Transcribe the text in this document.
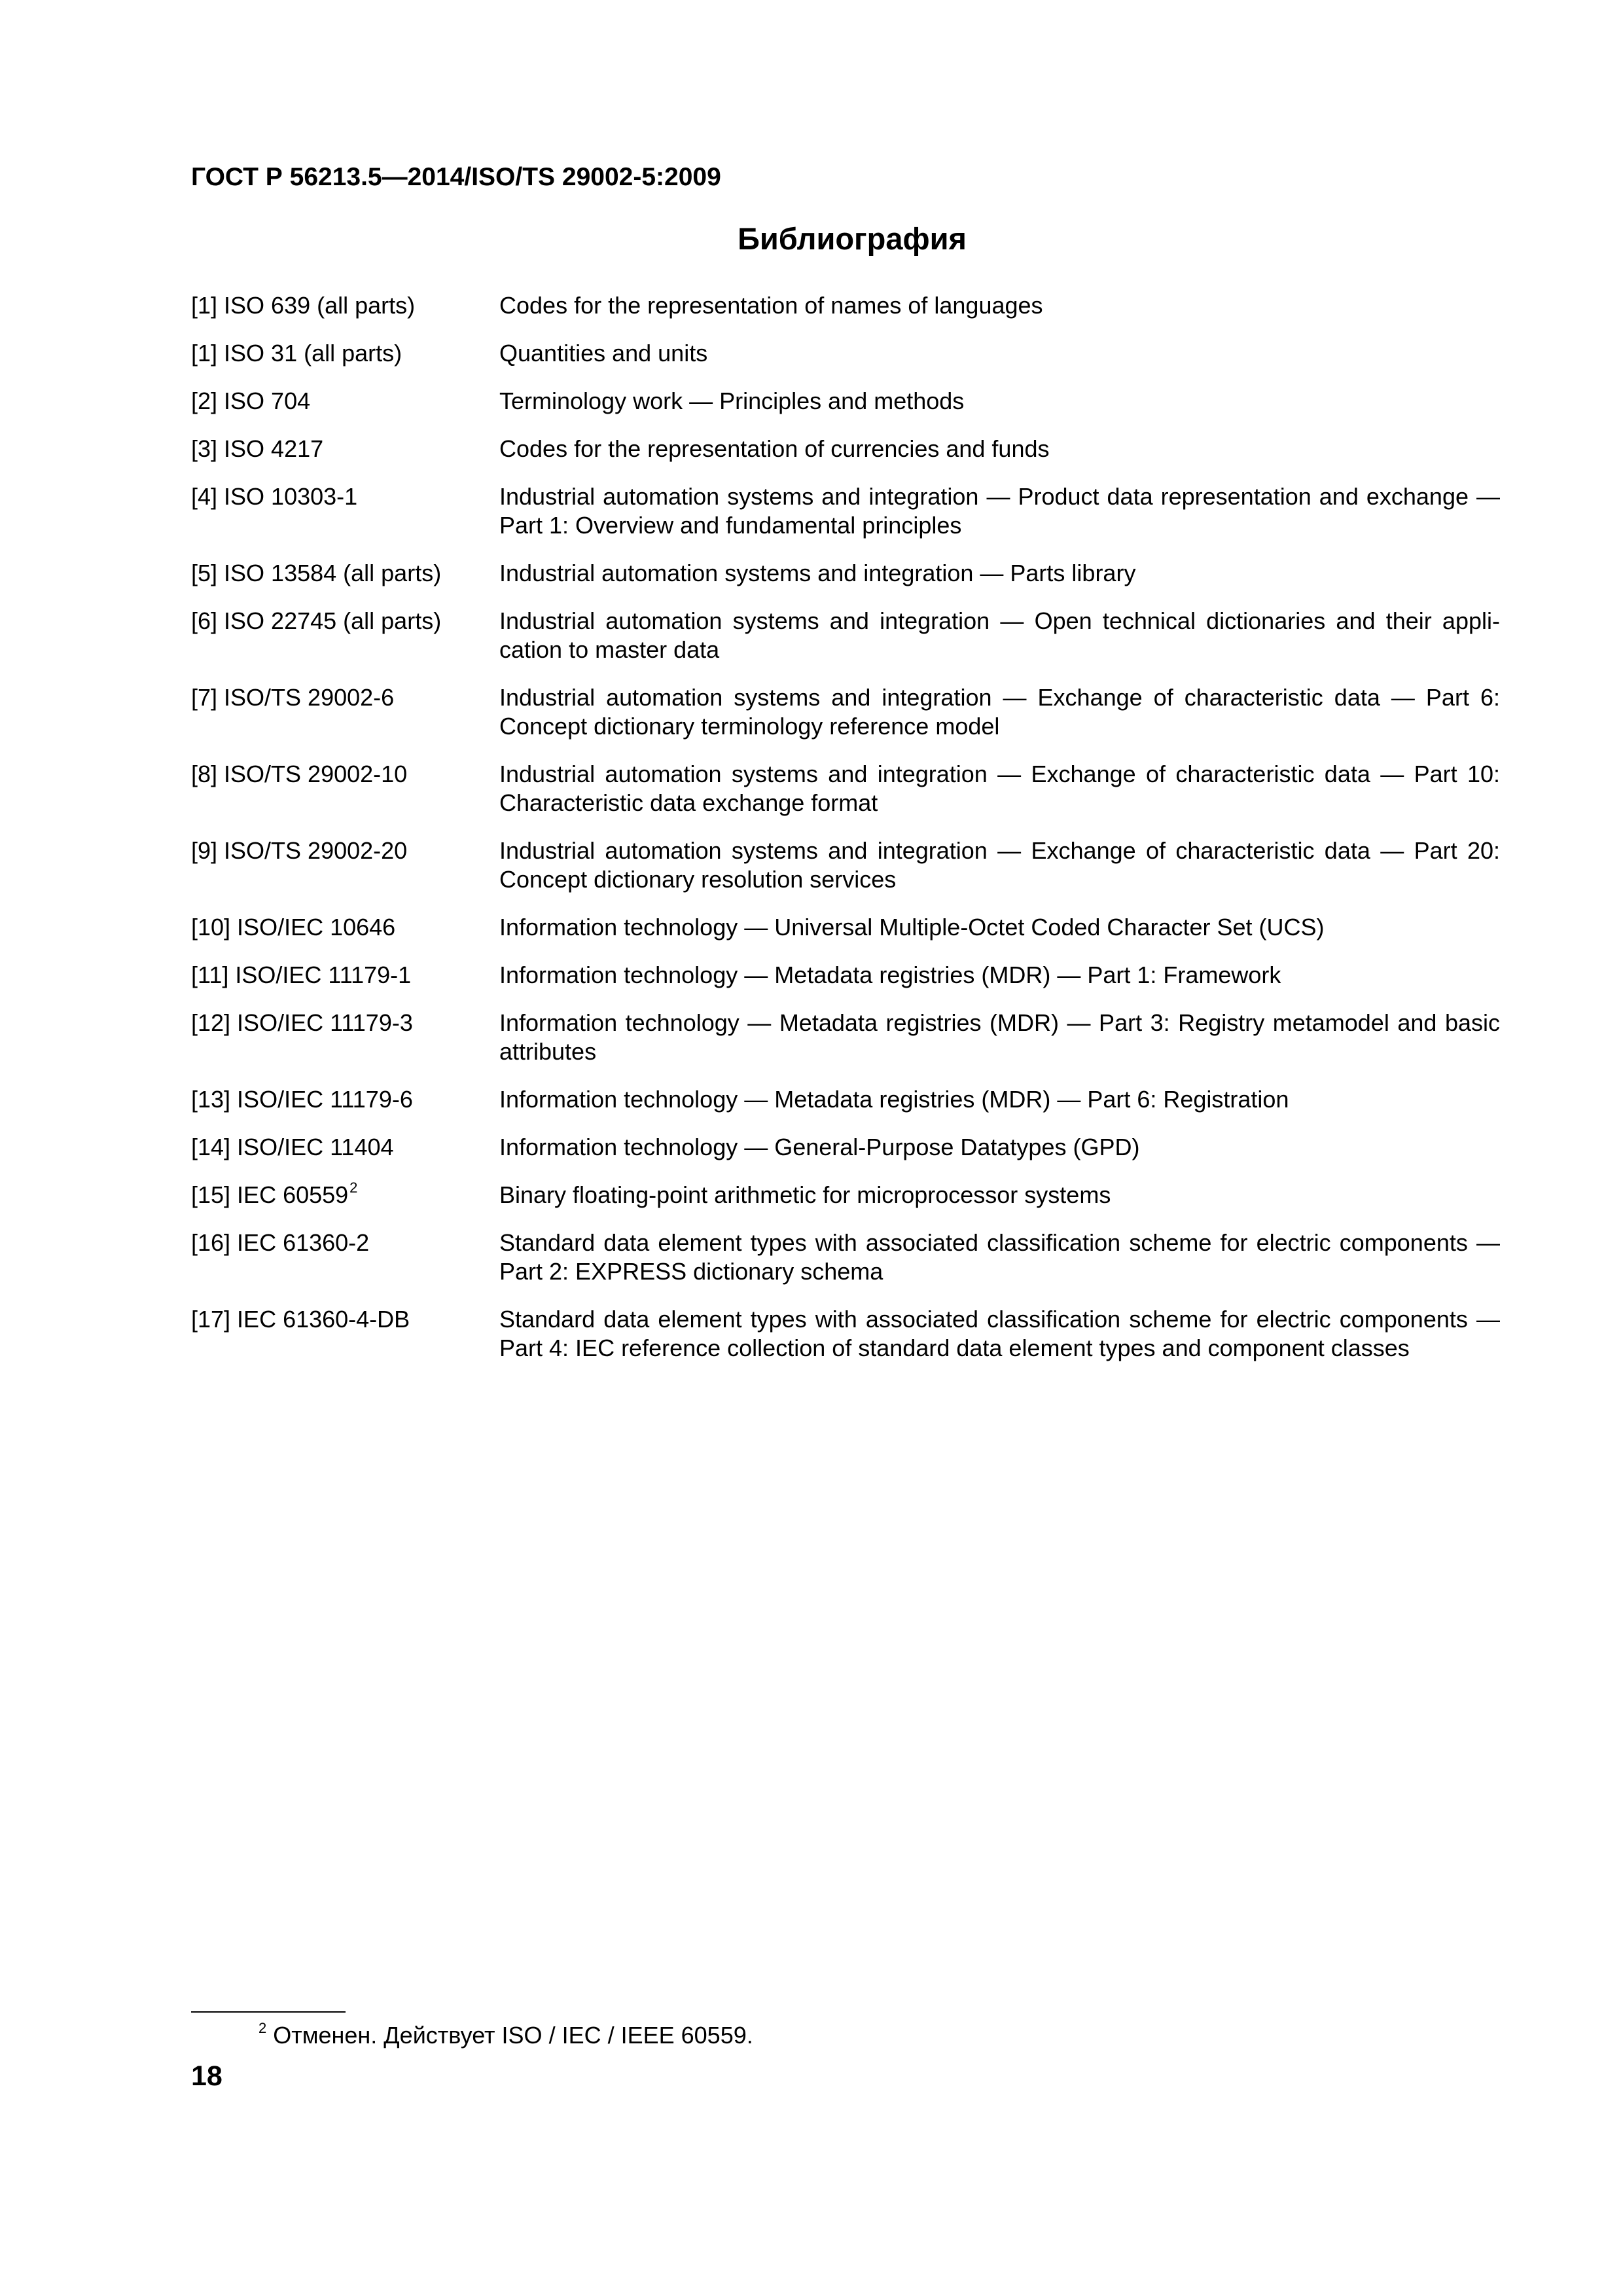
ГОСТ Р 56213.5—2014/ISO/TS 29002-5:2009
Библиография
[1] ISO 639 (all parts)	Codes for the representation of names of languages
[1] ISO 31 (all parts)	Quantities and units
[2] ISO 704	Terminology work — Principles and methods
[3] ISO 4217	Codes for the representation of currencies and funds
[4] ISO 10303-1	Industrial automation systems and integration — Product data representation and exchange — Part 1: Overview and fundamental principles
[5] ISO 13584 (all parts)	Industrial automation systems and integration — Parts library
[6] ISO 22745 (all parts)	Industrial automation systems and integration — Open technical dictionaries and their application to master data
[7] ISO/TS 29002-6	Industrial automation systems and integration — Exchange of characteristic data — Part 6: Concept dictionary terminology reference model
[8] ISO/TS 29002-10	Industrial automation systems and integration — Exchange of characteristic data — Part 10: Characteristic data exchange format
[9] ISO/TS 29002-20	Industrial automation systems and integration — Exchange of characteristic data — Part 20: Concept dictionary resolution services
[10] ISO/IEC 10646	Information technology — Universal Multiple-Octet Coded Character Set (UCS)
[11] ISO/IEC 11179-1	Information technology — Metadata registries (MDR) — Part 1: Framework
[12] ISO/IEC 11179-3	Information technology — Metadata registries (MDR) — Part 3: Registry metamodel and basic attributes
[13] ISO/IEC 11179-6	Information technology — Metadata registries (MDR) — Part 6: Registration
[14] ISO/IEC 11404	Information technology — General-Purpose Datatypes (GPD)
[15] IEC 60559$^2$	Binary floating-point arithmetic for microprocessor systems
[16] IEC 61360-2	Standard data element types with associated classification scheme for electric components — Part 2: EXPRESS dictionary schema
[17] IEC 61360-4-DB	Standard data element types with associated classification scheme for electric components — Part 4: IEC reference collection of standard data element types and component classes
$^2$ Отменен. Действует ISO / IEC / IEEE 60559.
18
